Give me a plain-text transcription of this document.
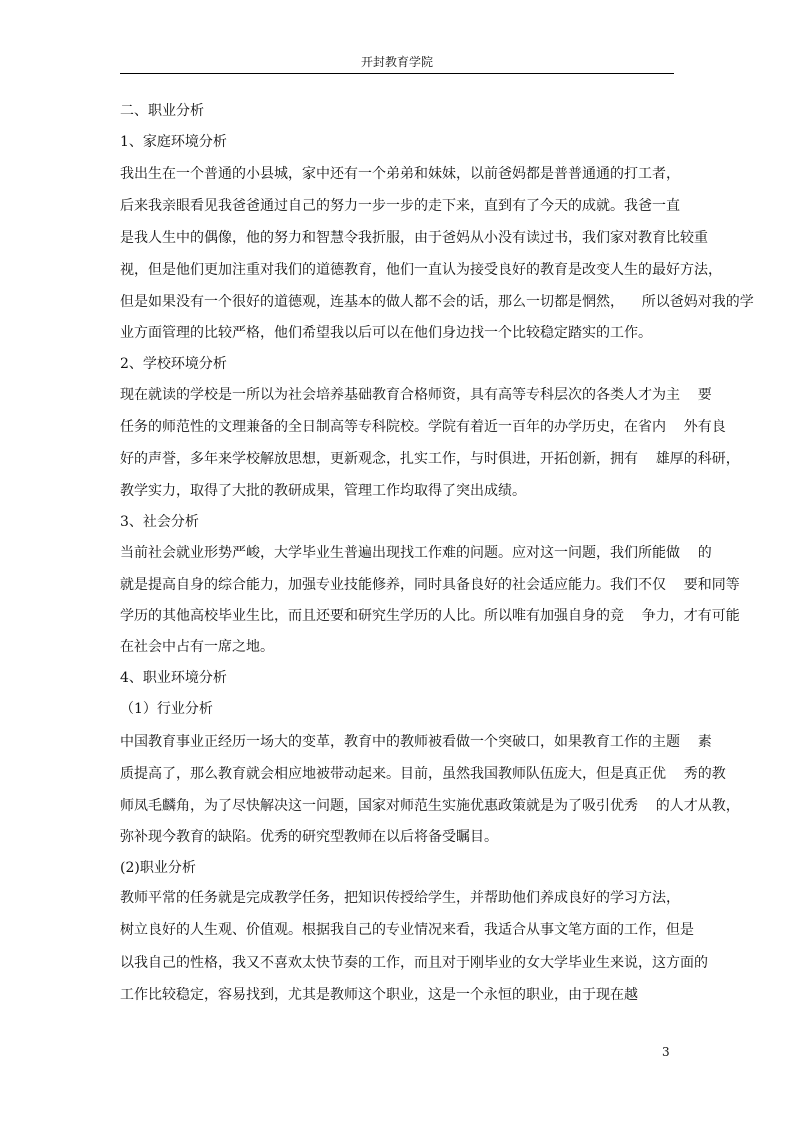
开封教育学院
二、职业分析
1、家庭环境分析
我出生在一个普通的小县城，家中还有一个弟弟和妹妹，以前爸妈都是普普通通的打工者，
后来我亲眼看见我爸爸通过自己的努力一步一步的走下来，直到有了今天的成就。我爸一直
是我人生中的偶像，他的努力和智慧令我折服，由于爸妈从小没有读过书，我们家对教育比较重
视，但是他们更加注重对我们的道德教育，他们一直认为接受良好的教育是改变人生的最好方法，
但是如果没有一个很好的道德观，连基本的做人都不会的话，那么一切都是惘然，    所以爸妈对我的学
业方面管理的比较严格，他们希望我以后可以在他们身边找一个比较稳定踏实的工作。
2、学校环境分析
现在就读的学校是一所以为社会培养基础教育合格师资，具有高等专科层次的各类人才为主    要
任务的师范性的文理兼备的全日制高等专科院校。学院有着近一百年的办学历史，在省内    外有良
好的声誉，多年来学校解放思想，更新观念，扎实工作，与时俱进，开拓创新，拥有    雄厚的科研，
教学实力，取得了大批的教研成果，管理工作均取得了突出成绩。
3、社会分析
当前社会就业形势严峻，大学毕业生普遍出现找工作难的问题。应对这一问题，我们所能做    的
就是提高自身的综合能力，加强专业技能修养，同时具备良好的社会适应能力。我们不仅    要和同等
学历的其他高校毕业生比，而且还要和研究生学历的人比。所以唯有加强自身的竞    争力，才有可能
在社会中占有一席之地。
4、职业环境分析
（1）行业分析
中国教育事业正经历一场大的变革，教育中的教师被看做一个突破口，如果教育工作的主题    素
质提高了，那么教育就会相应地被带动起来。目前，虽然我国教师队伍庞大，但是真正优    秀的教
师凤毛麟角，为了尽快解决这一问题，国家对师范生实施优惠政策就是为了吸引优秀    的人才从教，
弥补现今教育的缺陷。优秀的研究型教师在以后将备受瞩目。
(2)职业分析
教师平常的任务就是完成教学任务，把知识传授给学生，并帮助他们养成良好的学习方法，
树立良好的人生观、价值观。根据我自己的专业情况来看，我适合从事文笔方面的工作，但是
以我自己的性格，我又不喜欢太快节奏的工作，而且对于刚毕业的女大学毕业生来说，这方面的
工作比较稳定，容易找到，尤其是教师这个职业，这是一个永恒的职业，由于现在越
3
